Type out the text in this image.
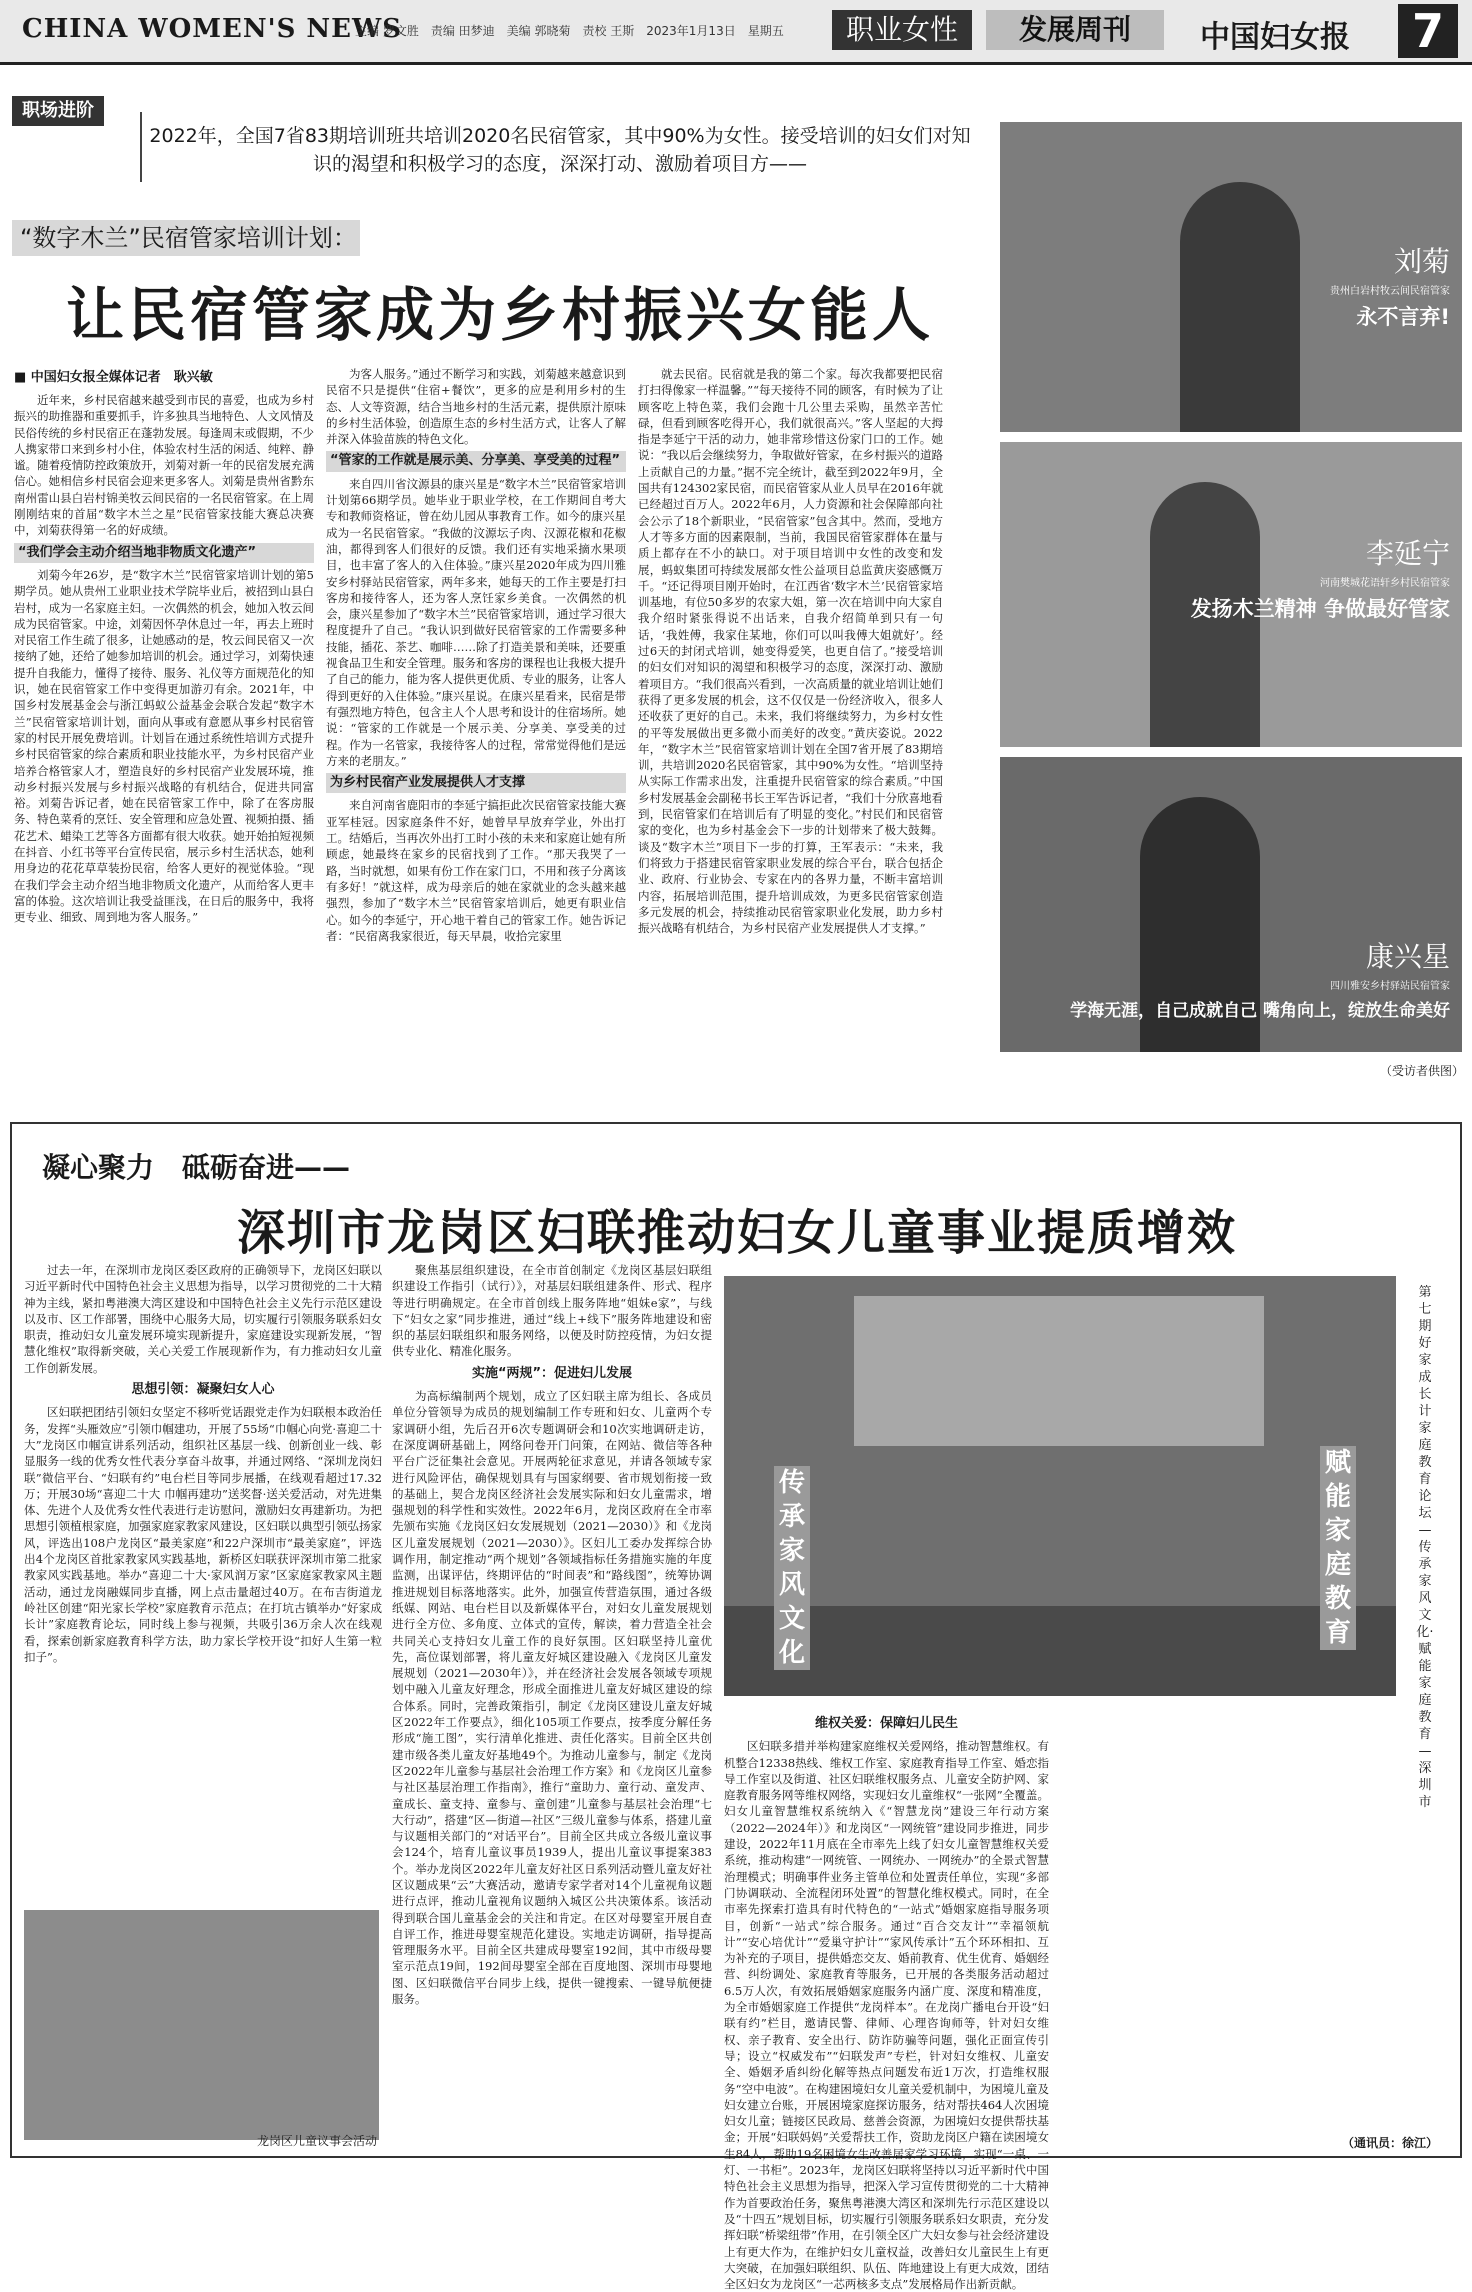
CHINA WOMEN'S NEWS
主编 罗文胜　责编 田梦迪　美编 郭晓菊　责校 王斯　2023年1月13日　星期五	职业女性	发展周刊	中国妇女报	7
职场进阶
2022年，全国7省83期培训班共培训2020名民宿管家，其中90%为女性。接受培训的妇女们对知识的渴望和积极学习的态度，深深打动、激励着项目方——
“数字木兰”民宿管家培训计划：
让民宿管家成为乡村振兴女能人
■ 中国妇女报全媒体记者　耿兴敏

近年来，乡村民宿越来越受到市民的喜爱，也成为乡村振兴的助推器和重要抓手，许多独具当地特色、人文风情及民俗传统的乡村民宿正在蓬勃发展。每逢周末或假期，不少人携家带口来到乡村小住，体验农村生活的闲适、纯粹、静谧。随着疫情防控政策放开，刘菊对新一年的民宿发展充满信心。她相信乡村民宿会迎来更多客人。刘菊是贵州省黔东南州雷山县白岩村锦美牧云间民宿的一名民宿管家。在上周刚刚结束的首届“数字木兰之星”民宿管家技能大赛总决赛中，刘菊获得第一名的好成绩。

“我们学会主动介绍当地非物质文化遗产”

刘菊今年26岁，是“数字木兰”民宿管家培训计划的第5期学员。她从贵州工业职业技术学院毕业后，被招到山县白岩村，成为一名家庭主妇。一次偶然的机会，她加入牧云间成为民宿管家。中途，刘菊因怀孕休息过一年，再去上班时对民宿工作生疏了很多，让她感动的是，牧云间民宿又一次接纳了她，还给了她参加培训的机会。通过学习，刘菊快速提升自我能力，懂得了接待、服务、礼仪等方面规范化的知识，她在民宿管家工作中变得更加游刃有余。2021年，中国乡村发展基金会与浙江蚂蚁公益基金会联合发起“数字木兰”民宿管家培训计划，面向从事或有意愿从事乡村民宿管家的村民开展免费培训。计划旨在通过系统性培训方式提升乡村民宿管家的综合素质和职业技能水平，为乡村民宿产业培养合格管家人才，塑造良好的乡村民宿产业发展环境，推动乡村振兴发展与乡村振兴战略的有机结合，促进共同富裕。刘菊告诉记者，她在民宿管家工作中，除了在客房服务、特色菜肴的烹饪、安全管理和应急处置、视频拍摄、插花艺术、蜡染工艺等各方面都有很大收获。她开始拍短视频在抖音、小红书等平台宣传民宿，展示乡村生活状态，她利用身边的花花草草装扮民宿，给客人更好的视觉体验。“现在我们学会主动介绍当地非物质文化遗产，从而给客人更丰富的体验。这次培训让我受益匪浅，在日后的服务中，我将更专业、细致、周到地为客人服务。”

为客人服务。”通过不断学习和实践，刘菊越来越意识到民宿不只是提供“住宿+餐饮”，更多的应是利用乡村的生态、人文等资源，结合当地乡村的生活元素，提供原汁原味的乡村生活体验，创造原生态的乡村生活方式，让客人了解并深入体验苗族的特色文化。

“管家的工作就是展示美、分享美、享受美的过程”

来自四川省汶源县的康兴星是“数字木兰”民宿管家培训计划第66期学员。她毕业于职业学校，在工作期间自考大专和教师资格证，曾在幼儿园从事教育工作。如今的康兴星成为一名民宿管家。“我做的汶源坛子肉、汉源花椒和花椒油，都得到客人们很好的反馈。我们还有实地采摘水果项目，也丰富了客人的入住体验。”康兴星2020年成为四川雅安乡村驿站民宿管家，两年多来，她每天的工作主要是打扫客房和接待客人，还为客人烹饪家乡美食。一次偶然的机会，康兴星参加了“数字木兰”民宿管家培训，通过学习很大程度提升了自己。“我认识到做好民宿管家的工作需要多种技能，插花、茶艺、咖啡……除了打造美景和美味，还要重视食品卫生和安全管理。服务和客房的课程也让我极大提升了自己的能力，能为客人提供更优质、专业的服务，让客人得到更好的入住体验。”康兴星说。在康兴星看来，民宿是带有强烈地方特色，包含主人个人思考和设计的住宿场所。她说：“管家的工作就是一个展示美、分享美、享受美的过程。作为一名管家，我接待客人的过程，常常觉得他们是远方来的老朋友。”

为乡村民宿产业发展提供人才支撑

来自河南省鹿阳市的李延宁搞拒此次民宿管家技能大赛亚军桂冠。因家庭条件不好，她曾早早放弃学业，外出打工。结婚后，当再次外出打工时小孩的未来和家庭让她有所顾虑，她最终在家乡的民宿找到了工作。“那天我哭了一路，当时就想，如果有份工作在家门口，不用和孩子分离该有多好！”就这样，成为母亲后的她在家就业的念头越来越强烈，参加了“数字木兰”民宿管家培训后，她更有职业信心。如今的李延宁，开心地干着自己的管家工作。她告诉记者：“民宿离我家很近，每天早晨，收拾完家里

就去民宿。民宿就是我的第二个家。每次我都要把民宿打扫得像家一样温馨。”“每天接待不同的顾客，有时候为了让顾客吃上特色菜，我们会跑十几公里去采购，虽然辛苦忙碌，但看到顾客吃得开心，我们就很高兴。”客人坚起的大拇指是李延宁干活的动力，她非常珍惜这份家门口的工作。她说：“我以后会继续努力，争取做好管家，在乡村振兴的道路上贡献自己的力量。”据不完全统计，截至到2022年9月，全国共有124302家民宿，而民宿管家从业人员早在2016年就已经超过百万人。2022年6月，人力资源和社会保障部向社会公示了18个新职业，“民宿管家”包含其中。然而，受地方人才等多方面的因素限制，当前，我国民宿管家群体在量与质上都存在不小的缺口。对于项目培训中女性的改变和发展，蚂蚁集团可持续发展部女性公益项目总监黄庆姿感慨万千。“还记得项目刚开始时，在江西省‘数字木兰’民宿管家培训基地，有位50多岁的农家大姐，第一次在培训中向大家自我介绍时紧张得说不出话来，自我介绍简单到只有一句话，‘我姓傅，我家住某地，你们可以叫我傅大姐就好’。经过6天的封闭式培训，她变得爱笑，也更自信了。”接受培训的妇女们对知识的渴望和积极学习的态度，深深打动、激励着项目方。“我们很高兴看到，一次高质量的就业培训让她们获得了更多发展的机会，这不仅仅是一份经济收入，很多人还收获了更好的自己。未来，我们将继续努力，为乡村女性的平等发展做出更多微小而美好的改变。”黄庆姿说。2022年，“数字木兰”民宿管家培训计划在全国7省开展了83期培训，共培训2020名民宿管家，其中90%为女性。“培训坚持从实际工作需求出发，注重提升民宿管家的综合素质。”中国乡村发展基金会副秘书长王军告诉记者，“我们十分欣喜地看到，民宿管家们在培训后有了明显的变化。”村民们和民宿管家的变化，也为乡村基金会下一步的计划带来了极大鼓舞。谈及“数字木兰”项目下一步的打算，王军表示：“未来，我们将致力于搭建民宿管家职业发展的综合平台，联合包括企业、政府、行业协会、专家在内的各界力量，不断丰富培训内容，拓展培训范围，提升培训成效，为更多民宿管家创造多元发展的机会，持续推动民宿管家职业化发展，助力乡村振兴战略有机结合，为乡村民宿产业发展提供人才支撑。”

刘菊
贵州白岩村牧云间民宿管家
永不言弃!
李延宁
河南樊城花语轩乡村民宿管家
发扬木兰精神 争做最好管家
康兴星
四川雅安乡村驿站民宿管家
学海无涯，自己成就自己 嘴角向上，绽放生命美好
（受访者供图）
凝心聚力　砥砺奋进——
深圳市龙岗区妇联推动妇女儿童事业提质增效

过去一年，在深圳市龙岗区委区政府的正确领导下，龙岗区妇联以习近平新时代中国特色社会主义思想为指导，以学习贯彻党的二十大精神为主线，紧扣粤港澳大湾区建设和中国特色社会主义先行示范区建设以及市、区工作部署，围绕中心服务大局，切实履行引领服务联系妇女职责，推动妇女儿童发展环境实现新提升，家庭建设实现新发展，“智慧化维权”取得新突破，关心关爱工作展现新作为，有力推动妇女儿童工作创新发展。

思想引领：凝聚妇女人心

区妇联把团结引领妇女坚定不移听党话跟党走作为妇联根本政治任务，发挥“头雁效应”引领巾帼建功，开展了55场“巾帼心向党·喜迎二十大”龙岗区巾帼宣讲系列活动，组织社区基层一线、创新创业一线、彰显服务一线的优秀女性代表分享奋斗故事，并通过网络、“深圳龙岗妇联”微信平台、“妇联有约”电台栏目等同步展播，在线观看超过17.32万；开展30场“喜迎二十大 巾帼再建功”送奖督·送关爱活动，对先进集体、先进个人及优秀女性代表进行走访慰问，激励妇女再建新功。为把思想引领植根家庭，加强家庭家教家风建设，区妇联以典型引领弘扬家风，评选出108户龙岗区“最美家庭”和22户深圳市“最美家庭”，评选出4个龙岗区首批家教家风实践基地，新桥区妇联获评深圳市第二批家教家风实践基地。举办“喜迎二十大·家风润万家”区家庭家教家风主题活动，通过龙岗融媒同步直播，网上点击量超过40万。在布吉街道龙岭社区创建“阳光家长学校”家庭教育示范点；在打坑古镇举办“好家成长计”家庭教育论坛，同时线上参与视频，共吸引36万余人次在线观看，探索创新家庭教育科学方法，助力家长学校开设“扣好人生第一粒扣子”。

聚焦基层组织建设，在全市首创制定《龙岗区基层妇联组织建设工作指引（试行）》，对基层妇联组建条件、形式、程序等进行明确规定。在全市首创线上服务阵地“姐妹e家”，与线下“妇女之家”同步推进，通过“线上+线下”服务阵地建设和密织的基层妇联组织和服务网络，以便及时防控疫情，为妇女提供专业化、精准化服务。

实施“两规”：促进妇儿发展

为高标编制两个规划，成立了区妇联主席为组长、各成员单位分管领导为成员的规划编制工作专班和妇女、儿童两个专家调研小组，先后召开6次专题调研会和10次实地调研走访，在深度调研基础上，网络问卷开门问策，在网站、微信等各种平台广泛征集社会意见。开展两轮征求意见，并请各领域专家进行风险评估，确保规划具有与国家纲要、省市规划衔接一致的基础上，契合龙岗区经济社会发展实际和妇女儿童需求，增强规划的科学性和实效性。2022年6月，龙岗区政府在全市率先颁布实施《龙岗区妇女发展规划（2021—2030）》和《龙岗区儿童发展规划（2021—2030）》。区妇儿工委办发挥综合协调作用，制定推动“两个规划”各领域指标任务措施实施的年度监测，出谋评估，终期评估的“时间表”和“路线图”，统筹协调推进规划目标落地落实。此外，加强宣传营造氛围，通过各级纸媒、网站、电台栏目以及新媒体平台，对妇女儿童发展规划进行全方位、多角度、立体式的宣传，解读，着力营造全社会共同关心支持妇女儿童工作的良好氛围。区妇联坚持儿童优先，高位谋划部署，将儿童友好城区建设融入《龙岗区儿童发展规划（2021—2030年）》，并在经济社会发展各领域专项规划中融入儿童友好理念，形成全面推进儿童友好城区建设的综合体系。同时，完善政策指引，制定《龙岗区建设儿童友好城区2022年工作要点》，细化105项工作要点，按季度分解任务形成“施工图”，实行清单化推进、责任化落实。目前全区共创建市级各类儿童友好基地49个。为推动儿童参与，制定《龙岗区2022年儿童参与基层社会治理工作方案》和《龙岗区儿童参与社区基层治理工作指南》，推行“童助力、童行动、童发声、童成长、童支持、童参与、童创建”儿童参与基层社会治理“七大行动”，搭建“区—街道—社区”三级儿童参与体系，搭建儿童与议题相关部门的“对话平台”。目前全区共成立各级儿童议事会124个，培育儿童议事员1939人，提出儿童议事提案383个。举办龙岗区2022年儿童友好社区日系列活动暨儿童友好社区议题成果“云”大赛活动，邀请专家学者对14个儿童视角议题进行点评，推动儿童视角议题纳入城区公共决策体系。该活动得到联合国儿童基金会的关注和肯定。在区对母婴室开展自查自评工作，推进母婴室规范化建设。实地走访调研，指导提高管理服务水平。目前全区共建成母婴室192间，其中市级母婴室示范点19间，192间母婴室全部在百度地图、深圳市母婴地图、区妇联微信平台同步上线，提供一键搜索、一键导航便捷服务。

传承家风文化
赋能家庭教育
第七期好家成长计家庭教育论坛—传承家风文化·赋能家庭教育—深圳市
龙岗区儿童议事会活动
维权关爱：保障妇儿民生

区妇联多措并举构建家庭维权关爱网络，推动智慧维权。有机整合12338热线、维权工作室、家庭教育指导工作室、婚恋指导工作室以及街道、社区妇联维权服务点、儿童安全防护网、家庭教育服务网等维权网络，实现妇女儿童维权“一张网”全覆盖。妇女儿童智慧维权系统纳入《“智慧龙岗”建设三年行动方案（2022—2024年）》和龙岗区“一网统管”建设同步推进，同步建设，2022年11月底在全市率先上线了妇女儿童智慧维权关爱系统，推动构建“一网统管、一网统办、一网统办”的全景式智慧治理模式；明确事件业务主管单位和处置责任单位，实现“多部门协调联动、全流程闭环处置”的智慧化维权模式。同时，在全市率先探索打造具有时代特色的“一站式”婚姻家庭指导服务项目，创新“一站式”综合服务。通过“百合交友计”“幸福领航计”“安心培优计”“爱巢守护计”“家风传承计”五个环环相扣、互为补充的子项目，提供婚恋交友、婚前教育、优生优育、婚姻经营、纠纷调处、家庭教育等服务，已开展的各类服务活动超过6.5万人次，有效拓展婚姻家庭服务内涵广度、深度和精准度，为全市婚姻家庭工作提供“龙岗样本”。在龙岗广播电台开设“妇联有约”栏目，邀请民警、律师、心理咨询师等，针对妇女维权、亲子教育、安全出行、防诈防骗等问题，强化正面宣传引导；设立“权威发布”“妇联发声”专栏，针对妇女维权、儿童安全、婚姻矛盾纠纷化解等热点问题发布近1万次，打造维权服务“空中电波”。在构建困境妇女儿童关爱机制中，为困境儿童及妇女建立台账，开展困境家庭探访服务，结对帮扶464人次困境妇女儿童；链接区民政局、慈善会资源，为困境妇女提供帮扶基金；开展“妇联妈妈”关爱帮扶工作，资助龙岗区户籍在读困境女生84人，帮助19名困境女生改善居家学习环境，实现“一桌、一灯、一书柜”。2023年，龙岗区妇联将坚持以习近平新时代中国特色社会主义思想为指导，把深入学习宣传贯彻党的二十大精神作为首要政治任务，聚焦粤港澳大湾区和深圳先行示范区建设以及“十四五”规划目标，切实履行引领服务联系妇女职责，充分发挥妇联“桥梁纽带”作用，在引领全区广大妇女参与社会经济建设上有更大作为，在维护妇女儿童权益，改善妇女儿童民生上有更大突破，在加强妇联组织、队伍、阵地建设上有更大成效，团结全区妇女为龙岗区“一芯两核多支点”发展格局作出新贡献。

（通讯员：徐江）
